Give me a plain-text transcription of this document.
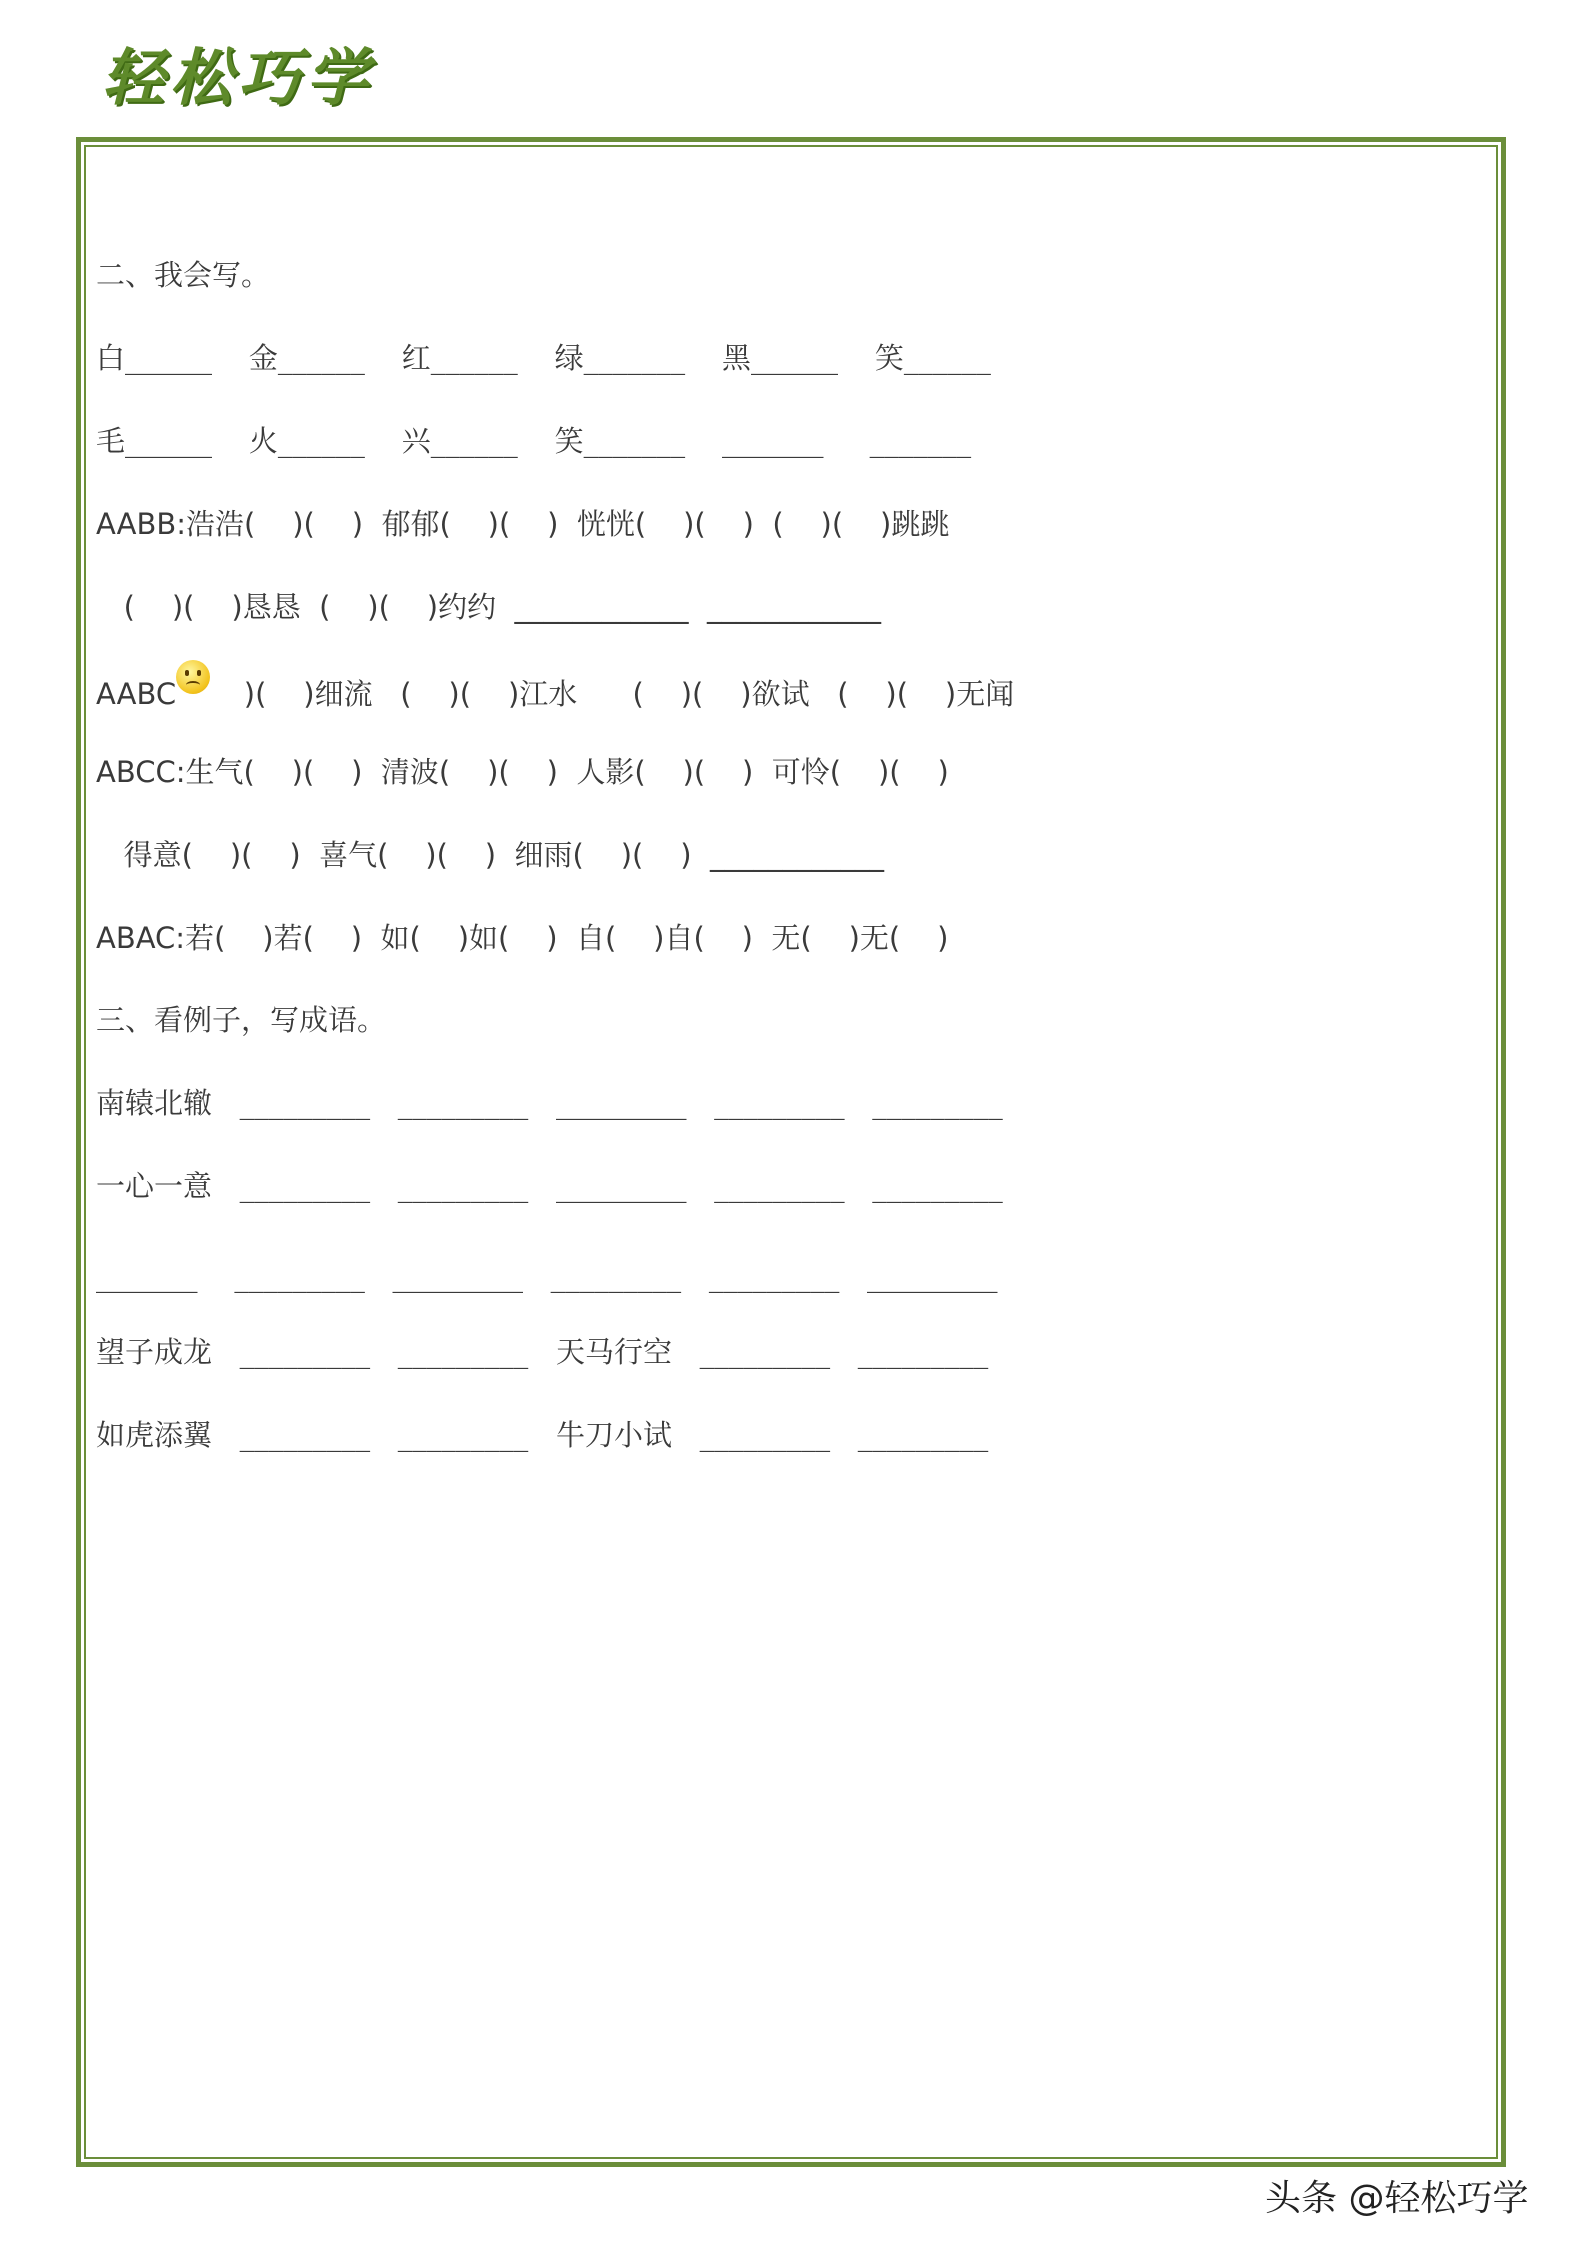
轻松巧学
二、我会写。
白______    金______    红______    绿_______    黑______    笑______
毛______    火______    兴______    笑_______    _______     _______
AABB:浩浩(    )(    )  郁郁(    )(    )  恍恍(    )(    )  (    )(    )跳跳
(    )(    )恳恳  (    )(    )约约  ____________  ____________
AABC   )(    )细流   (    )(    )江水      (    )(    )欲试   (    )(    )无闻
ABCC:生气(    )(    )  清波(    )(    )  人影(    )(    )  可怜(    )(    )
得意(    )(    )  喜气(    )(    )  细雨(    )(    )  ____________
ABAC:若(    )若(    )  如(    )如(    )  自(    )自(    )  无(    )无(    )
三、看例子，写成语。
南辕北辙   _________   _________   _________   _________   _________
一心一意   _________   _________   _________   _________   _________
_______    _________   _________   _________   _________   _________
望子成龙   _________   _________   天马行空   _________   _________
如虎添翼   _________   _________   牛刀小试   _________   _________
头条 @轻松巧学
